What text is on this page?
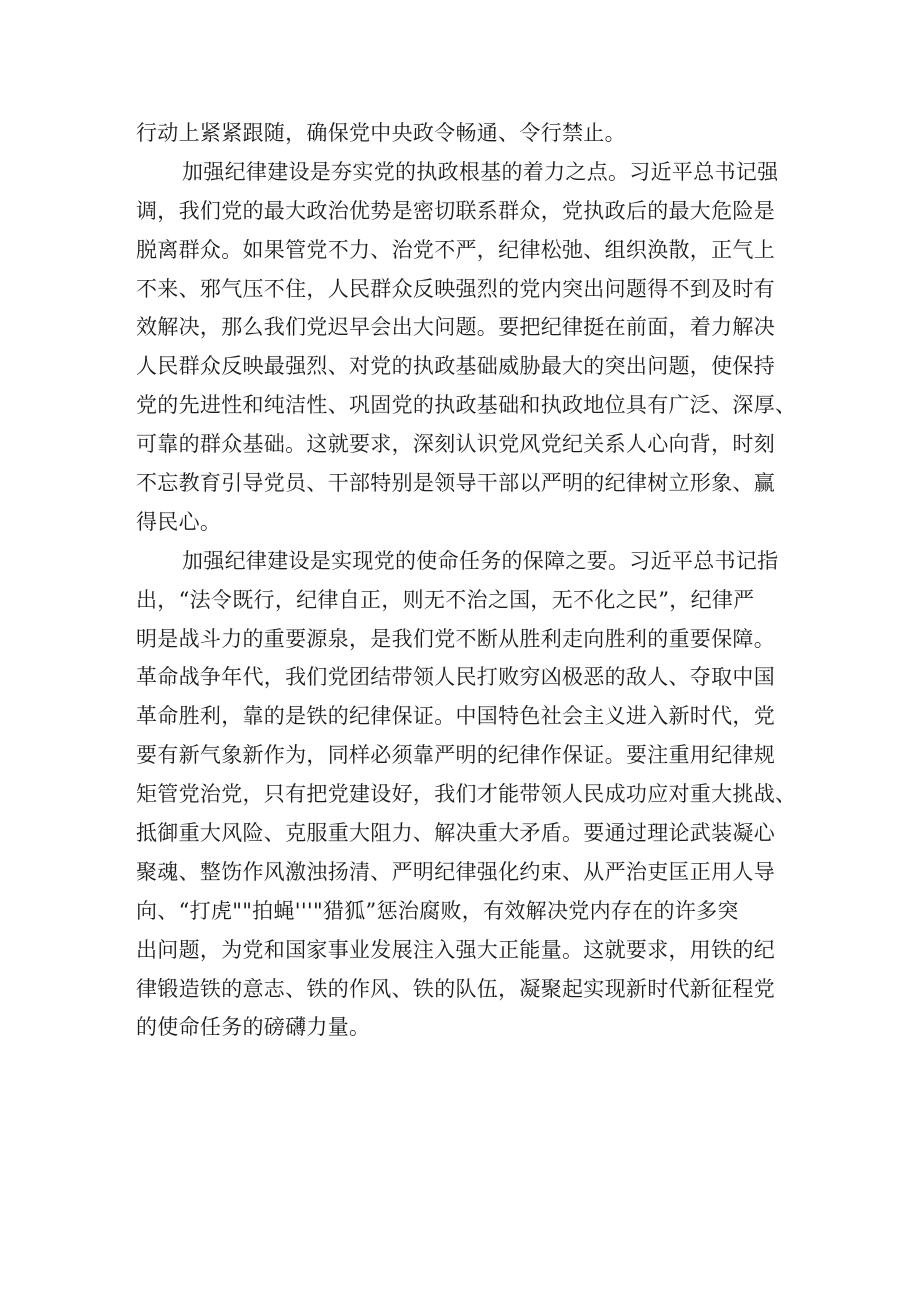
行动上紧紧跟随，确保党中央政令畅通、令行禁止。
加强纪律建设是夯实党的执政根基的着力之点。习近平总书记强
调，我们党的最大政治优势是密切联系群众，党执政后的最大危险是
脱离群众。如果管党不力、治党不严，纪律松弛、组织涣散，正气上
不来、邪气压不住，人民群众反映强烈的党内突出问题得不到及时有
效解决，那么我们党迟早会出大问题。要把纪律挺在前面，着力解决
人民群众反映最强烈、对党的执政基础威胁最大的突出问题，使保持
党的先进性和纯洁性、巩固党的执政基础和执政地位具有广泛、深厚、
可靠的群众基础。这就要求，深刻认识党风党纪关系人心向背，时刻
不忘教育引导党员、干部特别是领导干部以严明的纪律树立形象、赢
得民心。
加强纪律建设是实现党的使命任务的保障之要。习近平总书记指
出，“法令既行，纪律自正，则无不治之国，无不化之民”，纪律严
明是战斗力的重要源泉，是我们党不断从胜利走向胜利的重要保障。
革命战争年代，我们党团结带领人民打败穷凶极恶的敌人、夺取中国
革命胜利，靠的是铁的纪律保证。中国特色社会主义进入新时代，党
要有新气象新作为，同样必须靠严明的纪律作保证。要注重用纪律规
矩管党治党，只有把党建设好，我们才能带领人民成功应对重大挑战、
抵御重大风险、克服重大阻力、解决重大矛盾。要通过理论武装凝心
聚魂、整饬作风激浊扬清、严明纪律强化约束、从严治吏匡正用人导
向、“打虎""拍蝇'''"猎狐”惩治腐败，有效解决党内存在的许多突
出问题，为党和国家事业发展注入强大正能量。这就要求，用铁的纪
律锻造铁的意志、铁的作风、铁的队伍，凝聚起实现新时代新征程党
的使命任务的磅礴力量。
